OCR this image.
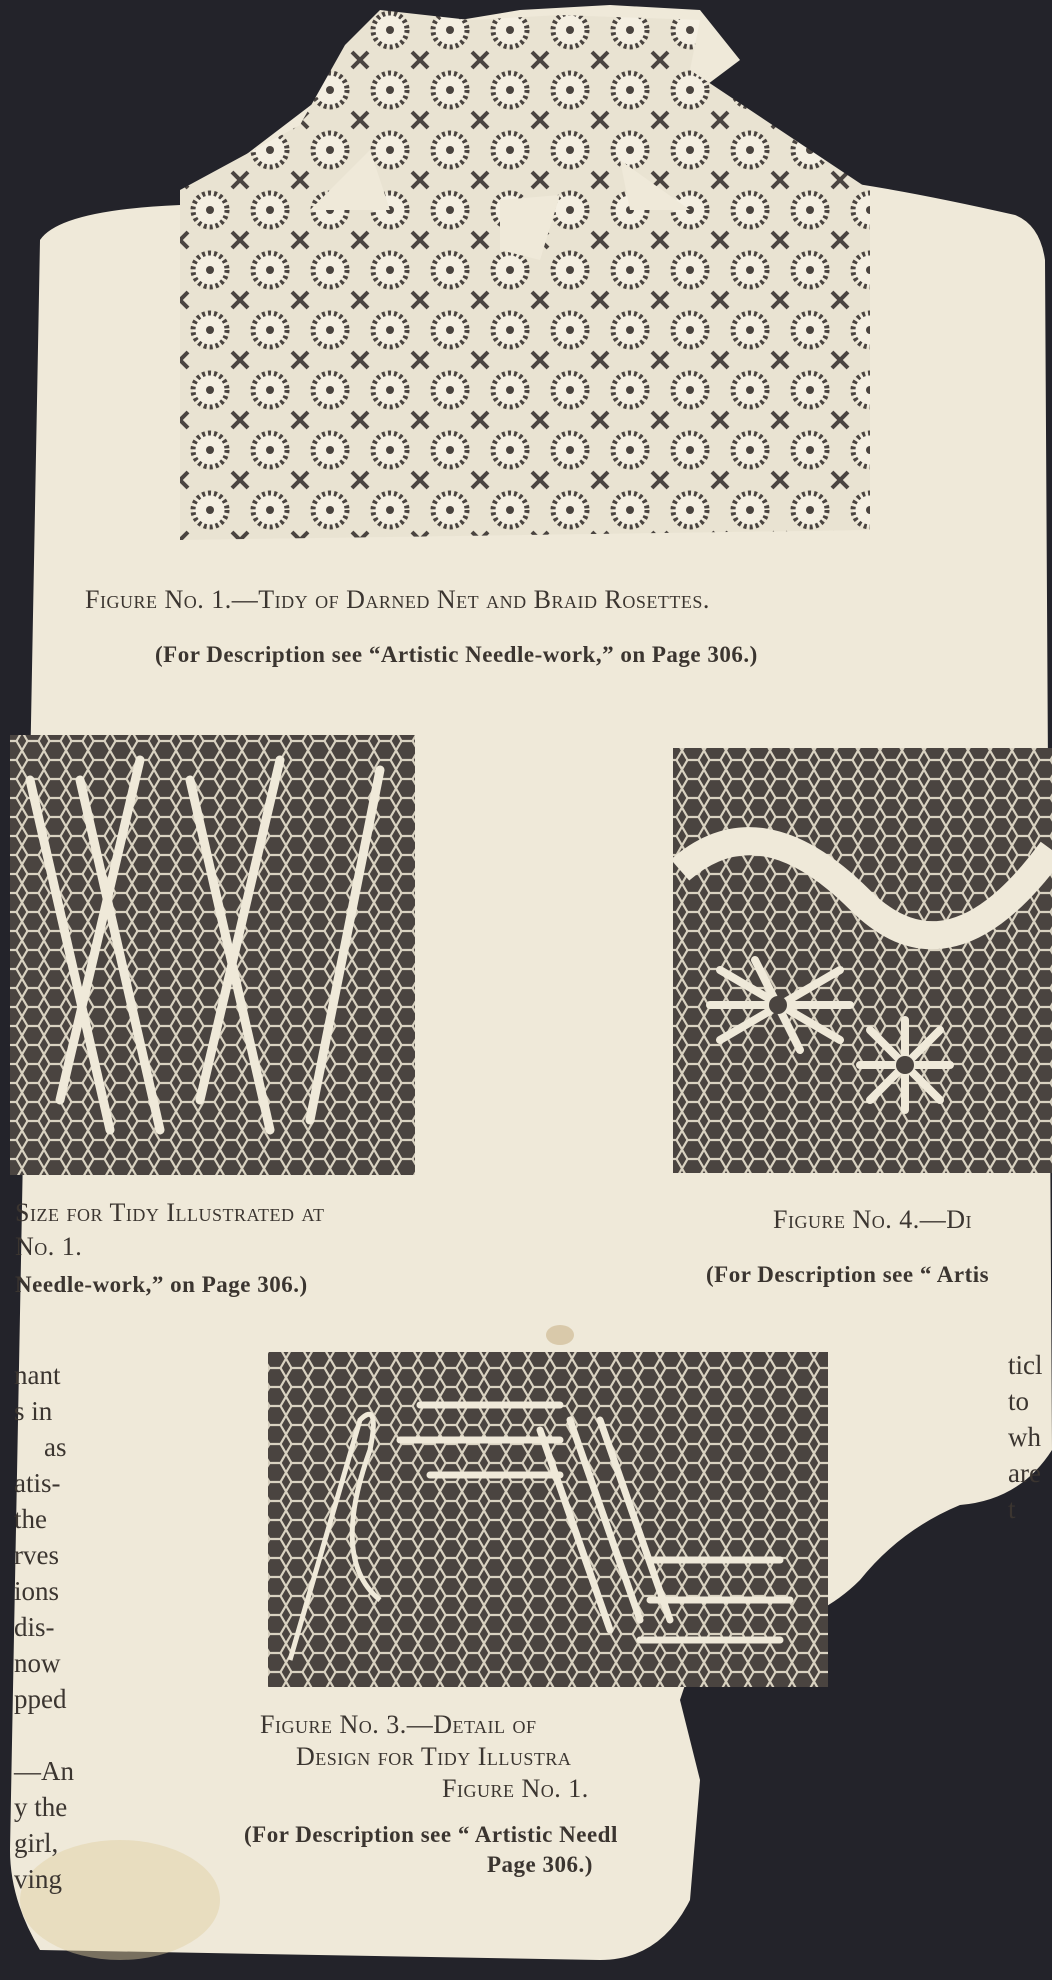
Figure No. 1.—Tidy of Darned Net and Braid Rosettes.
(For Description see “Artistic Needle-work,” on Page 306.)
Size for Tidy Illustrated at
No. 1.
Needle-work,” on Page 306.)
Figure No. 4.—Di
(For Description see “ Artis
Figure No. 3.—Detail of
Design for Tidy Illustra
Figure No. 1.
(For Description see “ Artistic Needl
Page 306.)
nant
s in
as
atis-
the
rves
ions
dis-
now
pped
—An
y the
girl,
ving
ticl
to
wh
are
t
